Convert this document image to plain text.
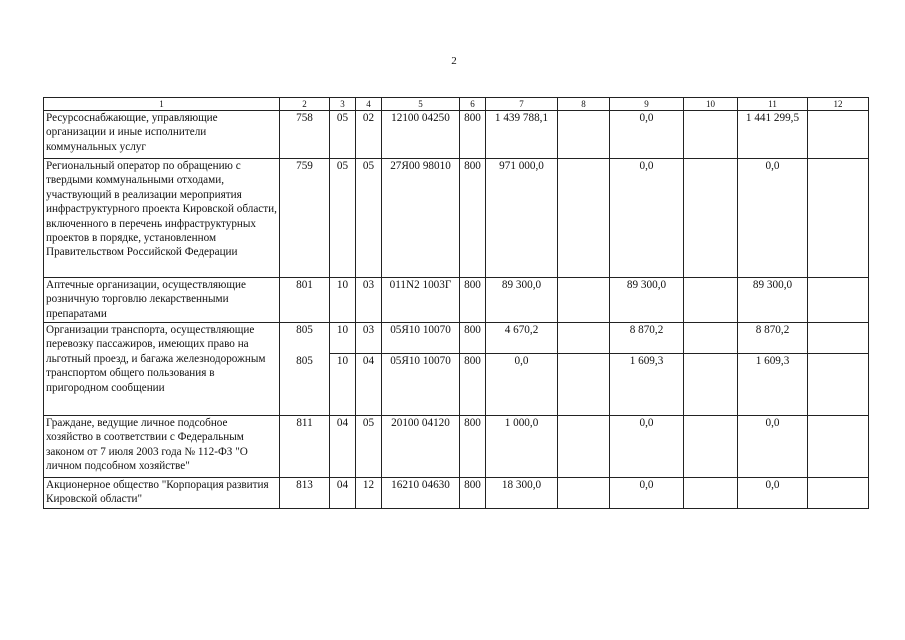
2
1	2	3	4	5	6	7	8	9	10	11	12
Ресурсоснабжающие, управляющие организации и иные исполнители коммунальных услуг	758	05	02	12100 04250	800	1 439 788,1		0,0		1 441 299,5	
Региональный оператор по обращению с твердыми коммунальными отходами, участвующий в реализации мероприятия инфраструктурного проекта Кировской области, включенного в перечень инфраструктурных проектов в порядке, установленном Правительством Российской Федерации	759	05	05	27Я00 98010	800	971 000,0		0,0		0,0	
Аптечные организации, осуществляющие розничную торговлю лекарственными препаратами	801	10	03	011N2 1003Г	800	89 300,0		89 300,0		89 300,0	
Организации транспорта, осуществляющие перевозку пассажиров, имеющих право на льготный проезд, и багажа железнодорожным транспортом общего пользования в пригородном сообщении	805	10	03	05Я10 10070	800	4 670,2		8 870,2		8 870,2	
	805	10	04	05Я10 10070	800	0,0		1 609,3		1 609,3	
Граждане, ведущие личное подсобное хозяйство в соответствии с Федеральным законом от 7 июля 2003 года № 112-ФЗ "О личном подсобном хозяйстве"	811	04	05	20100 04120	800	1 000,0		0,0		0,0	
Акционерное общество "Корпорация развития Кировской области"	813	04	12	16210 04630	800	18 300,0		0,0		0,0	
